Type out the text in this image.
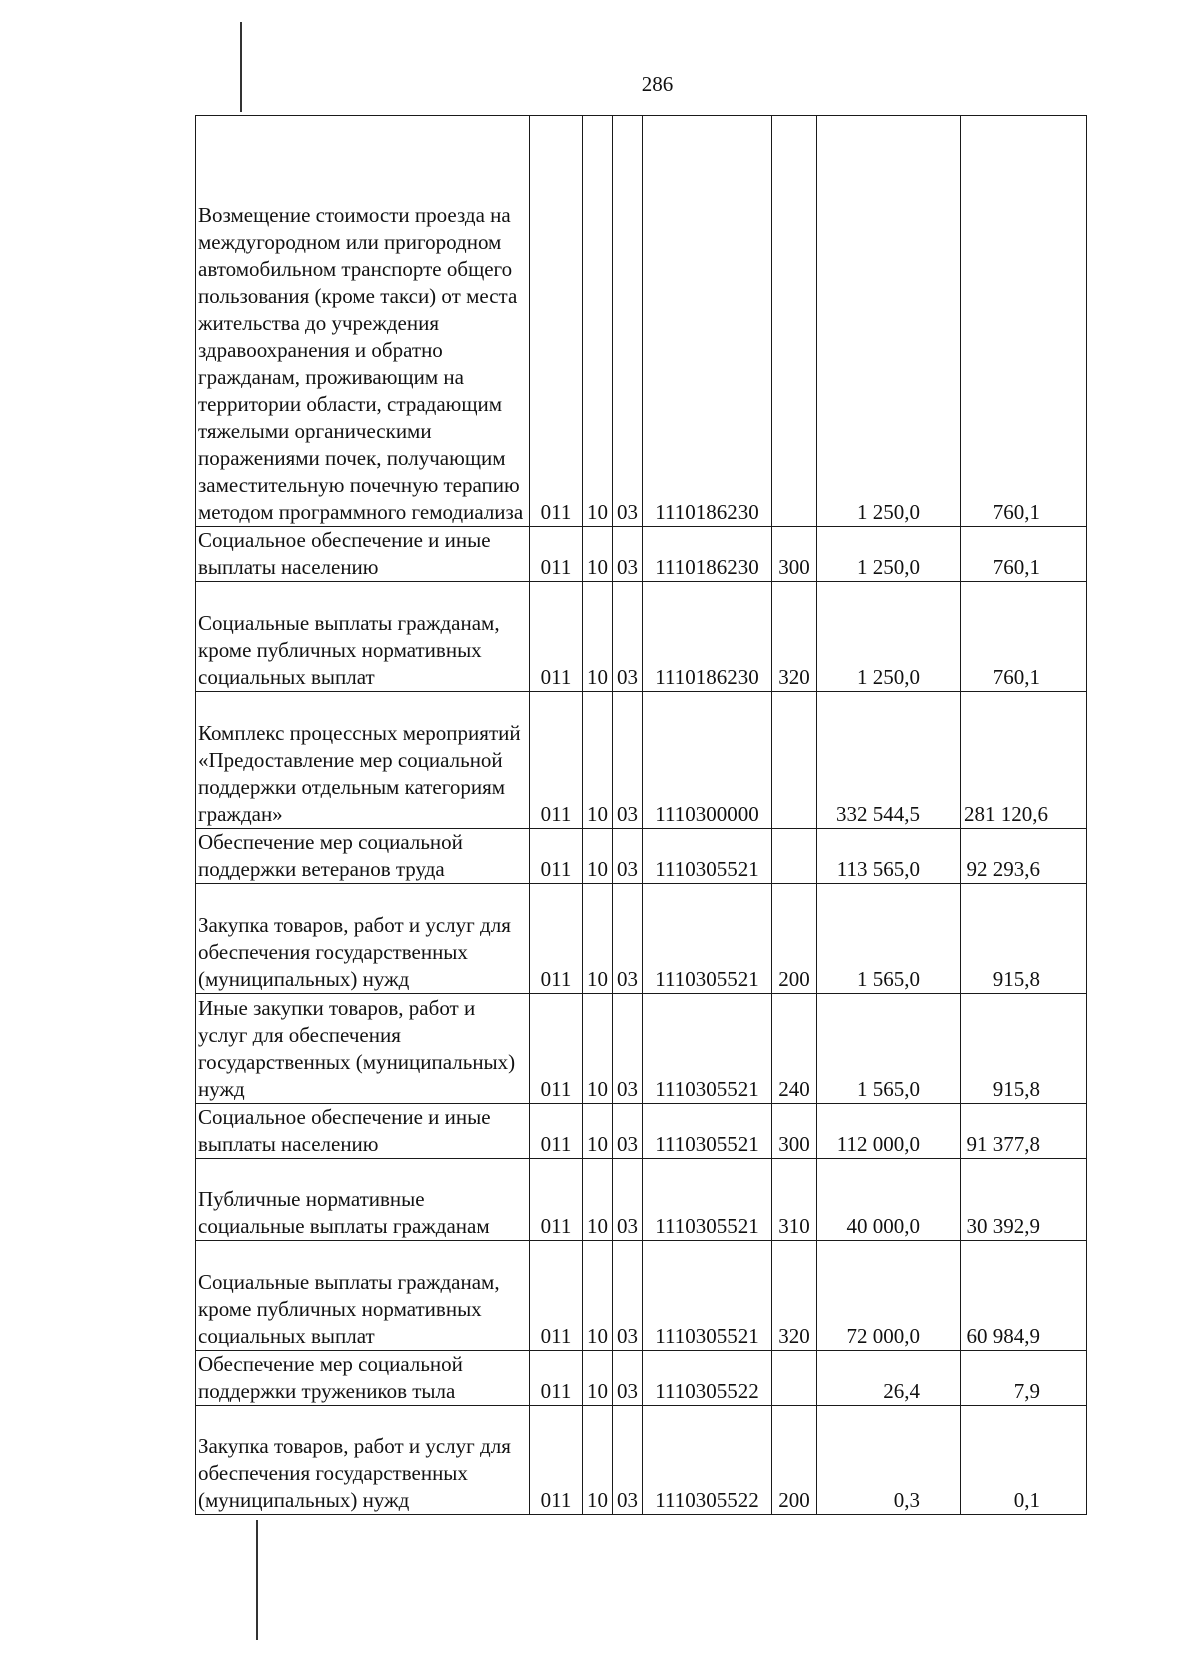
286
Возмещение стоимости проезда на междугородном или пригородном автомобильном транспорте общего пользования (кроме такси) от места жительства до учреждения здравоохранения и обратно гражданам, проживающим на территории области, страдающим тяжелыми органическими поражениями почек, получающим заместительную почечную терапию методом программного гемодиализа	011	10	03	1110186230		1 250,0	760,1
Социальное обеспечение и иные выплаты населению	011	10	03	1110186230	300	1 250,0	760,1
Социальные выплаты гражданам, кроме публичных нормативных социальных выплат	011	10	03	1110186230	320	1 250,0	760,1
Комплекс процессных мероприятий «Предоставление мер социальной поддержки отдельным категориям граждан»	011	10	03	1110300000		332 544,5	281 120,6
Обеспечение мер социальной поддержки ветеранов труда	011	10	03	1110305521		113 565,0	92 293,6
Закупка товаров, работ и услуг для обеспечения государственных (муниципальных) нужд	011	10	03	1110305521	200	1 565,0	915,8
Иные закупки товаров, работ и услуг для обеспечения государственных (муниципальных) нужд	011	10	03	1110305521	240	1 565,0	915,8
Социальное обеспечение и иные выплаты населению	011	10	03	1110305521	300	112 000,0	91 377,8
Публичные нормативные социальные выплаты гражданам	011	10	03	1110305521	310	40 000,0	30 392,9
Социальные выплаты гражданам, кроме публичных нормативных социальных выплат	011	10	03	1110305521	320	72 000,0	60 984,9
Обеспечение мер социальной поддержки тружеников тыла	011	10	03	1110305522		26,4	7,9
Закупка товаров, работ и услуг для обеспечения государственных (муниципальных) нужд	011	10	03	1110305522	200	0,3	0,1
